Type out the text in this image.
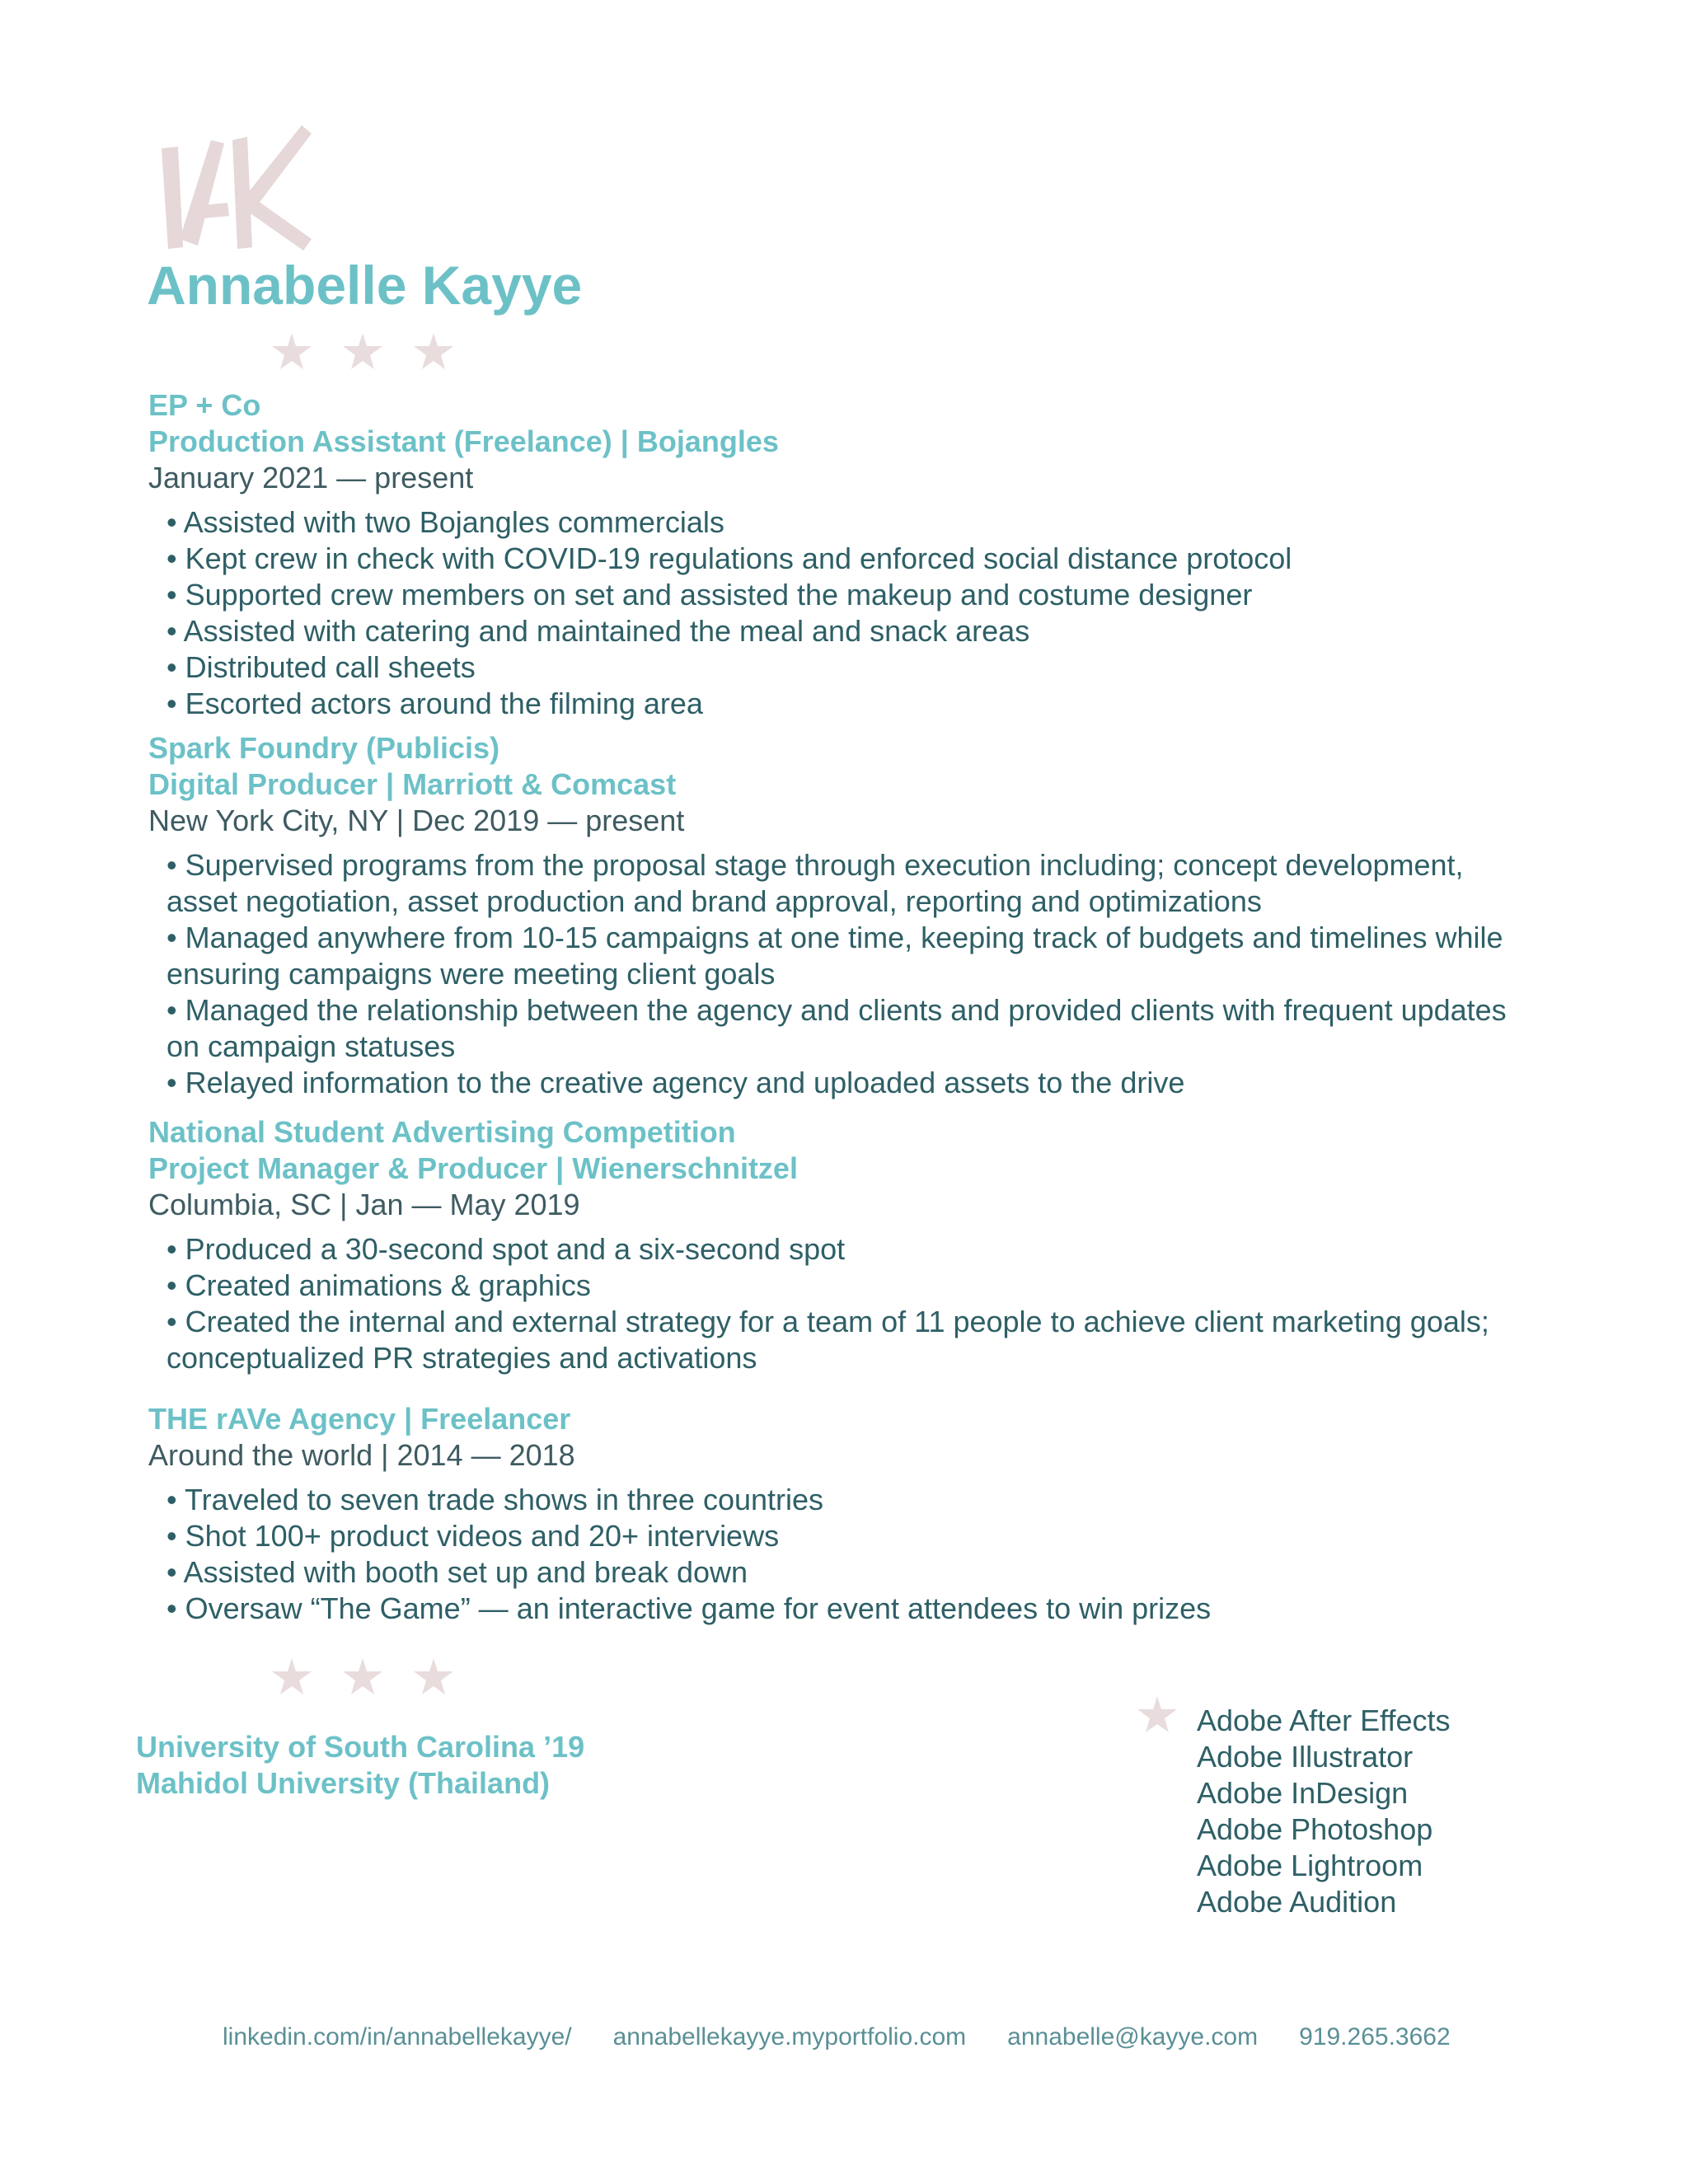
Annabelle Kayye

EP + Co

Production Assistant (Freelance) | Bojangles

January 2021 — present

• Assisted with two Bojangles commercials
• Kept crew in check with COVID-19 regulations and enforced social distance protocol
• Supported crew members on set and assisted the makeup and costume designer
• Assisted with catering and maintained the meal and snack areas
• Distributed call sheets
• Escorted actors around the filming area

Spark Foundry (Publicis)

Digital Producer | Marriott & Comcast

New York City, NY | Dec 2019 — present

• Supervised programs from the proposal stage through execution including; concept development, asset negotiation, asset production and brand approval, reporting and optimizations
• Managed anywhere from 10-15 campaigns at one time, keeping track of budgets and timelines while ensuring campaigns were meeting client goals
• Managed the relationship between the agency and clients and provided clients with frequent updates on campaign statuses
• Relayed information to the creative agency and uploaded assets to the drive

National Student Advertising Competition

Project Manager & Producer | Wienerschnitzel

Columbia, SC | Jan — May 2019

• Produced a 30-second spot and a six-second spot
• Created animations & graphics
• Created the internal and external strategy for a team of 11 people to achieve client marketing goals; conceptualized PR strategies and activations

THE rAVe Agency | Freelancer

Around the world | 2014 — 2018

• Traveled to seven trade shows in three countries
• Shot 100+ product videos and 20+ interviews
• Assisted with booth set up and break down
• Oversaw “The Game” — an interactive game for event attendees to win prizes

University of South Carolina ’19

Mahidol University (Thailand)

Adobe After Effects

Adobe Illustrator

Adobe InDesign

Adobe Photoshop

Adobe Lightroom

Adobe Audition

linkedin.com/in/annabellekayye/ annabellekayye.myportfolio.com annabelle@kayye.com 919.265.3662
